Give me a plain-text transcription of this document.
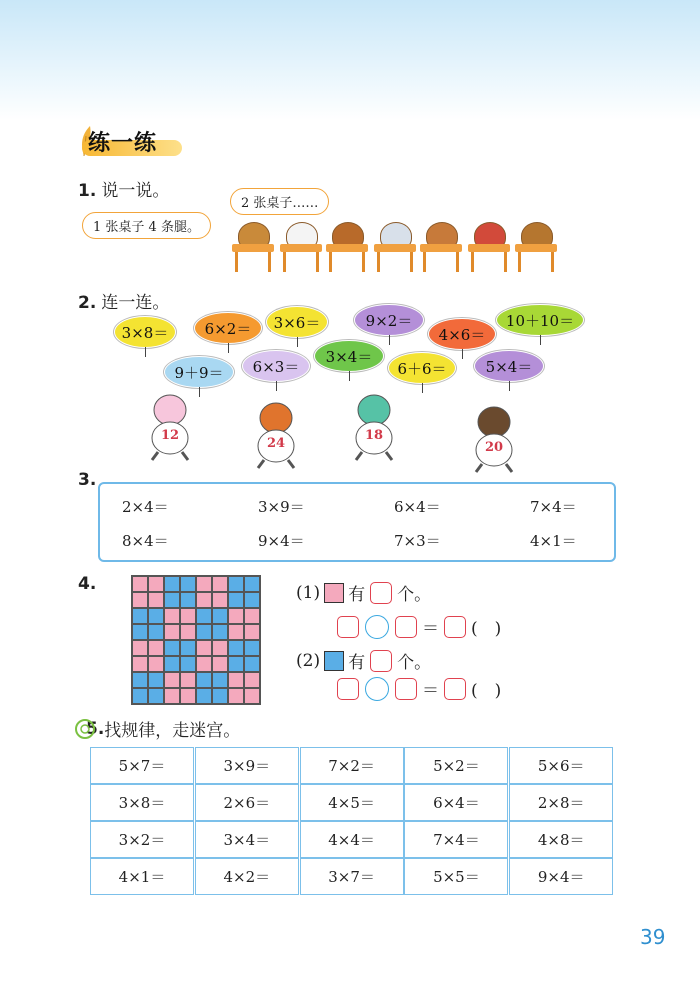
练一练
1. 说一说。
1 张桌子 4 条腿。
2 张桌子……
2. 连一连。
3×8＝	6×2＝	3×6＝	9×2＝
4×6＝
10＋10＝
9＋9＝	6×3＝
3×4＝
6＋6＝	5×4＝
12
24
18
20
3.
2×4＝	3×9＝	6×4＝	7×4＝
8×4＝	9×4＝	7×3＝	4×1＝
4.	(1) 有 个。
＝ (　)
(2) 有 个。
＝ (　)
5. 找规律，走迷宫。
5×7＝	3×9＝	7×2＝	5×2＝	5×6＝
3×8＝	2×6＝	4×5＝	6×4＝	2×8＝
3×2＝	3×4＝	4×4＝	7×4＝	4×8＝
4×1＝	4×2＝	3×7＝	5×5＝	9×4＝
39
